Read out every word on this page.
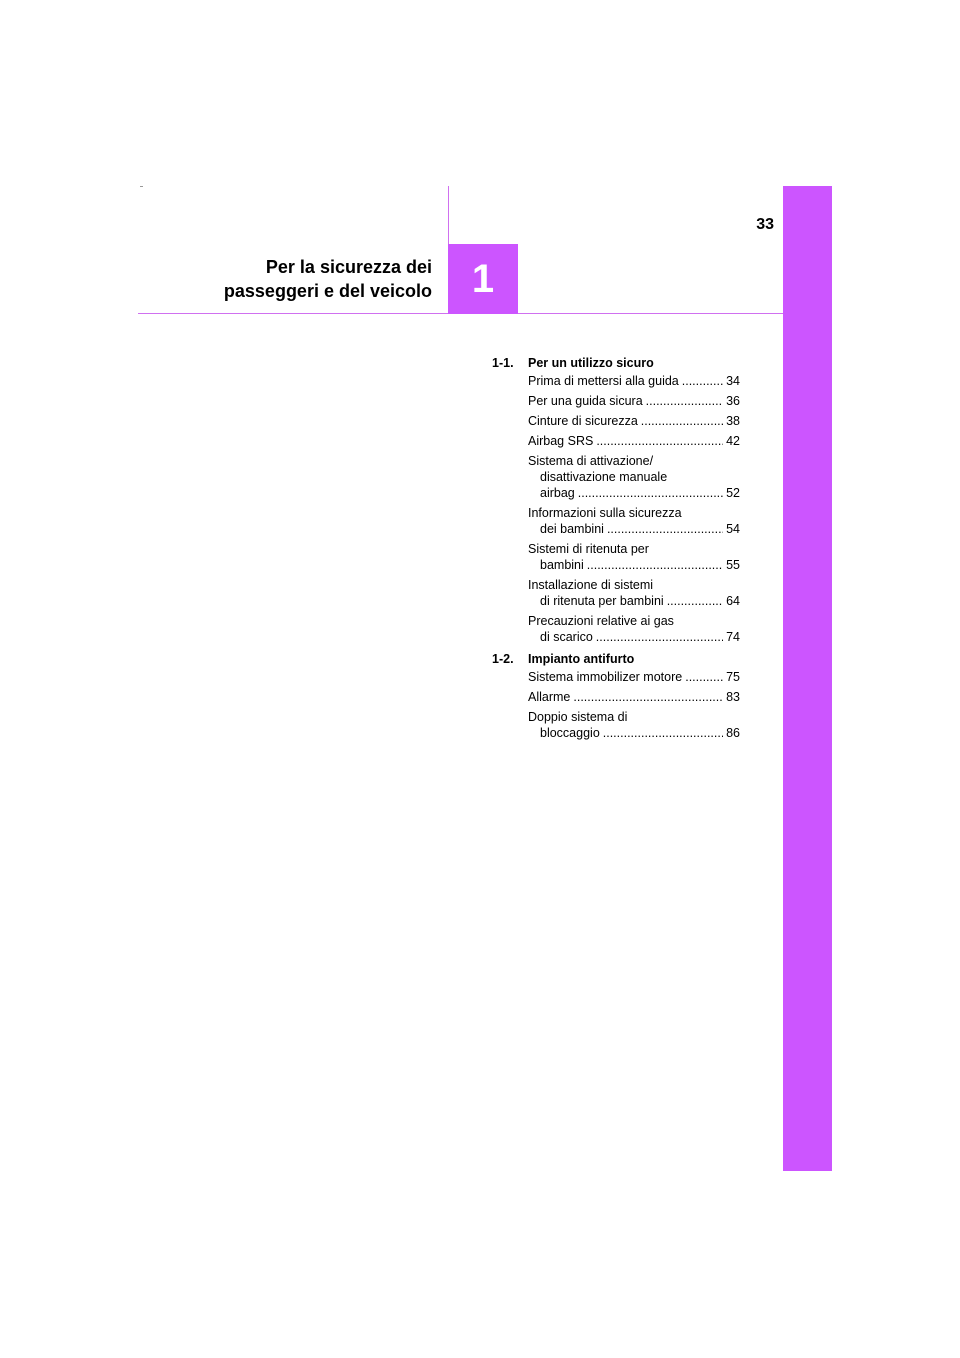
33
Per la sicurezza dei
passeggeri e del veicolo 1
1-1.	Per un utilizzo sicuro
Prima di mettersi alla guida .....	34
Per una guida sicura .....	36
Cinture di sicurezza .....	38
Airbag SRS .....	42
Sistema di attivazione/
disattivazione manuale
airbag .....	52
Informazioni sulla sicurezza
dei bambini .....	54
Sistemi di ritenuta per
bambini .....	55
Installazione di sistemi
di ritenuta per bambini .....	64
Precauzioni relative ai gas
di scarico .....	74
1-2.	Impianto antifurto
Sistema immobilizer motore .....	75
Allarme .....	83
Doppio sistema di
bloccaggio .....	86
